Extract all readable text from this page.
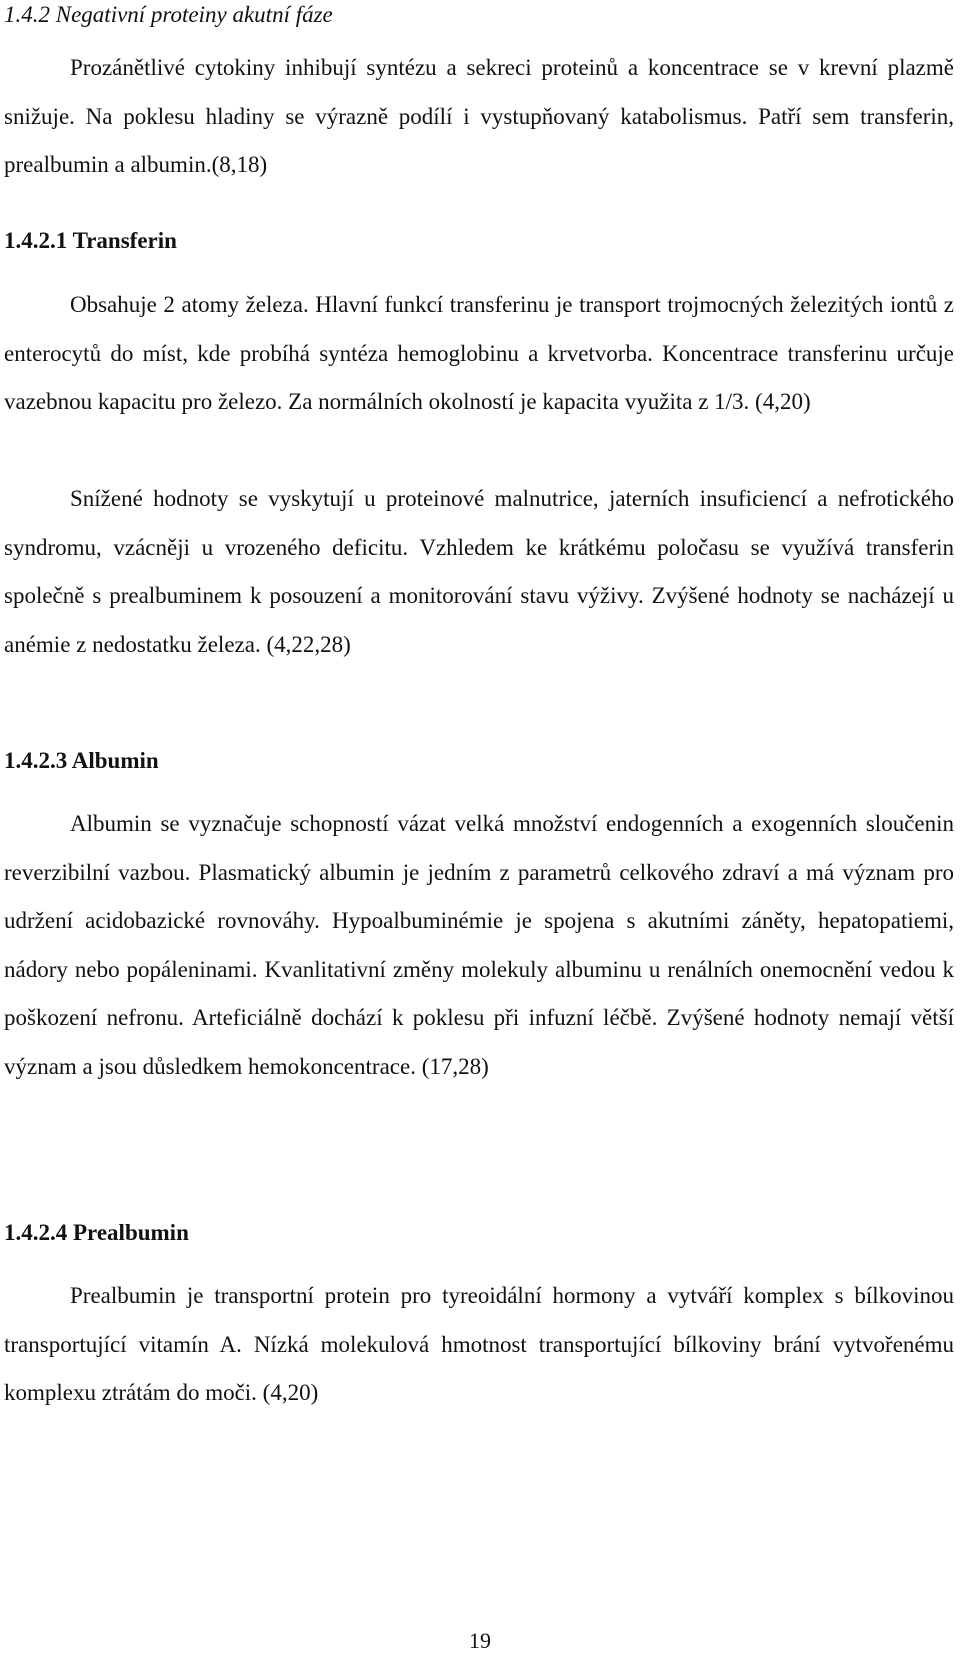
1.4.2 Negativní proteiny akutní fáze

Prozánětlivé cytokiny inhibují syntézu a sekreci proteinů a koncentrace se v krevní plazmě snižuje. Na poklesu hladiny se výrazně podílí i vystupňovaný katabolismus. Patří sem transferin, prealbumin a albumin.(8,18)

1.4.2.1 Transferin

Obsahuje 2 atomy železa. Hlavní funkcí transferinu je transport trojmocných železitých iontů z enterocytů do míst, kde probíhá syntéza hemoglobinu a krvetvorba. Koncentrace transferinu určuje vazebnou kapacitu pro železo. Za normálních okolností je kapacita využita z 1/3. (4,20)

Snížené hodnoty se vyskytují u proteinové malnutrice, jaterních insuficiencí a nefrotického syndromu, vzácněji u vrozeného deficitu. Vzhledem ke krátkému poločasu se využívá transferin společně s prealbuminem k posouzení a monitorování stavu výživy. Zvýšené hodnoty se nacházejí u anémie z nedostatku železa. (4,22,28)

1.4.2.3 Albumin

Albumin se vyznačuje schopností vázat velká množství endogenních a exogenních sloučenin reverzibilní vazbou. Plasmatický albumin je jedním z parametrů celkového zdraví a má význam pro udržení acidobazické rovnováhy. Hypoalbuminémie je spojena s akutními záněty, hepatopatiemi, nádory nebo popáleninami. Kvanlitativní změny molekuly albuminu u renálních onemocnění vedou k poškození nefronu. Arteficiálně dochází k poklesu při infuzní léčbě. Zvýšené hodnoty nemají větší význam a jsou důsledkem hemokoncentrace. (17,28)

1.4.2.4 Prealbumin

Prealbumin je transportní protein pro tyreoidální hormony a vytváří komplex s bílkovinou transportující vitamín A. Nízká molekulová hmotnost transportující bílkoviny brání vytvořenému komplexu ztrátám do moči. (4,20)

19
